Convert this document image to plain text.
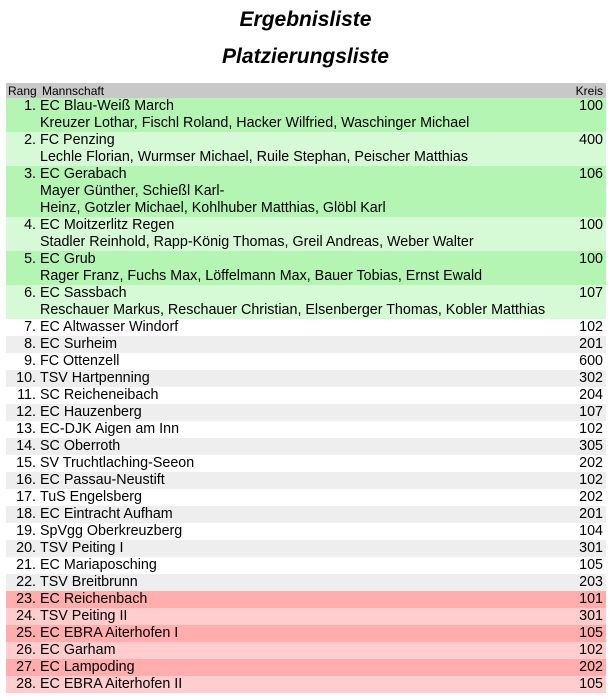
Ergebnisliste
Platzierungsliste
Rang	Mannschaft	Kreis
1.	EC Blau-Weiß March
Kreuzer Lothar, Fischl Roland, Hacker Wilfried, Waschinger Michael	100
2.	FC Penzing
Lechle Florian, Wurmser Michael, Ruile Stephan, Peischer Matthias	400
3.	EC Gerabach
Mayer Günther, Schießl Karl-
Heinz, Gotzler Michael, Kohlhuber Matthias, Glöbl Karl	106
4.	EC Moitzerlitz Regen
Stadler Reinhold, Rapp-König Thomas, Greil Andreas, Weber Walter	100
5.	EC Grub
Rager Franz, Fuchs Max, Löffelmann Max, Bauer Tobias, Ernst Ewald	100
6.	EC Sassbach
Reschauer Markus, Reschauer Christian, Elsenberger Thomas, Kobler Matthias	107
7.	EC Altwasser Windorf	102
8.	EC Surheim	201
9.	FC Ottenzell	600
10.	TSV Hartpenning	302
11.	SC Reicheneibach	204
12.	EC Hauzenberg	107
13.	EC-DJK Aigen am Inn	102
14.	SC Oberroth	305
15.	SV Truchtlaching-Seeon	202
16.	EC Passau-Neustift	102
17.	TuS Engelsberg	202
18.	EC Eintracht Aufham	201
19.	SpVgg Oberkreuzberg	104
20.	TSV Peiting I	301
21.	EC Mariaposching	105
22.	TSV Breitbrunn	203
23.	EC Reichenbach	101
24.	TSV Peiting II	301
25.	EC EBRA Aiterhofen I	105
26.	EC Garham	102
27.	EC Lampoding	202
28.	EC EBRA Aiterhofen II	105
